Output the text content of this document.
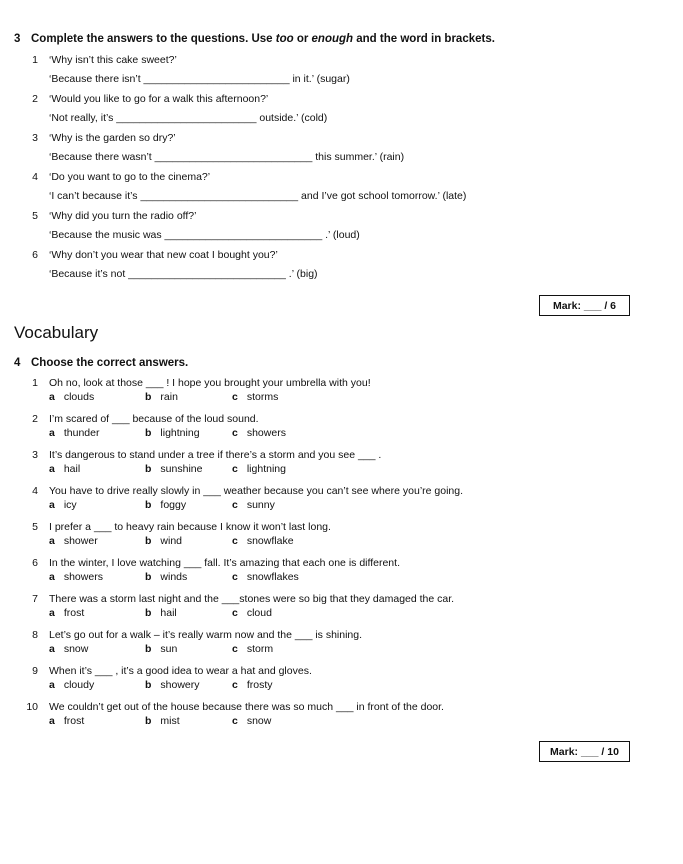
3 Complete the answers to the questions. Use too or enough and the word in brackets.
1 ‘Why isn’t this cake sweet?’
‘Because there isn’t _________________________ in it.’ (sugar)
2 ‘Would you like to go for a walk this afternoon?’
‘Not really, it’s ________________________ outside.’ (cold)
3 ‘Why is the garden so dry?’
‘Because there wasn’t ___________________________ this summer.’ (rain)
4 ‘Do you want to go to the cinema?’
‘I can’t because it’s ___________________________ and I’ve got school tomorrow.’ (late)
5 ‘Why did you turn the radio off?’
‘Because the music was ___________________________ .’ (loud)
6 ‘Why don’t you wear that new coat I bought you?’
‘Because it’s not ___________________________ .’ (big)
Mark: ___ / 6
Vocabulary
4 Choose the correct answers.
1 Oh no, look at those ___ ! I hope you brought your umbrella with you!
a clouds	b rain	c storms
2 I’m scared of ___ because of the loud sound.
a thunder	b lightning	c showers
3 It’s dangerous to stand under a tree if there’s a storm and you see ___ .
a hail	b sunshine	c lightning
4 You have to drive really slowly in ___ weather because you can’t see where you’re going.
a icy	b foggy	c sunny
5 I prefer a ___ to heavy rain because I know it won’t last long.
a shower	b wind	c snowflake
6 In the winter, I love watching ___ fall. It’s amazing that each one is different.
a showers	b winds	c snowflakes
7 There was a storm last night and the ___stones were so big that they damaged the car.
a frost	b hail	c cloud
8 Let’s go out for a walk – it’s really warm now and the ___ is shining.
a snow	b sun	c storm
9 When it’s ___ , it’s a good idea to wear a hat and gloves.
a cloudy	b showery	c frosty
10 We couldn’t get out of the house because there was so much ___ in front of the door.
a frost	b mist	c snow
Mark: ___ / 10
